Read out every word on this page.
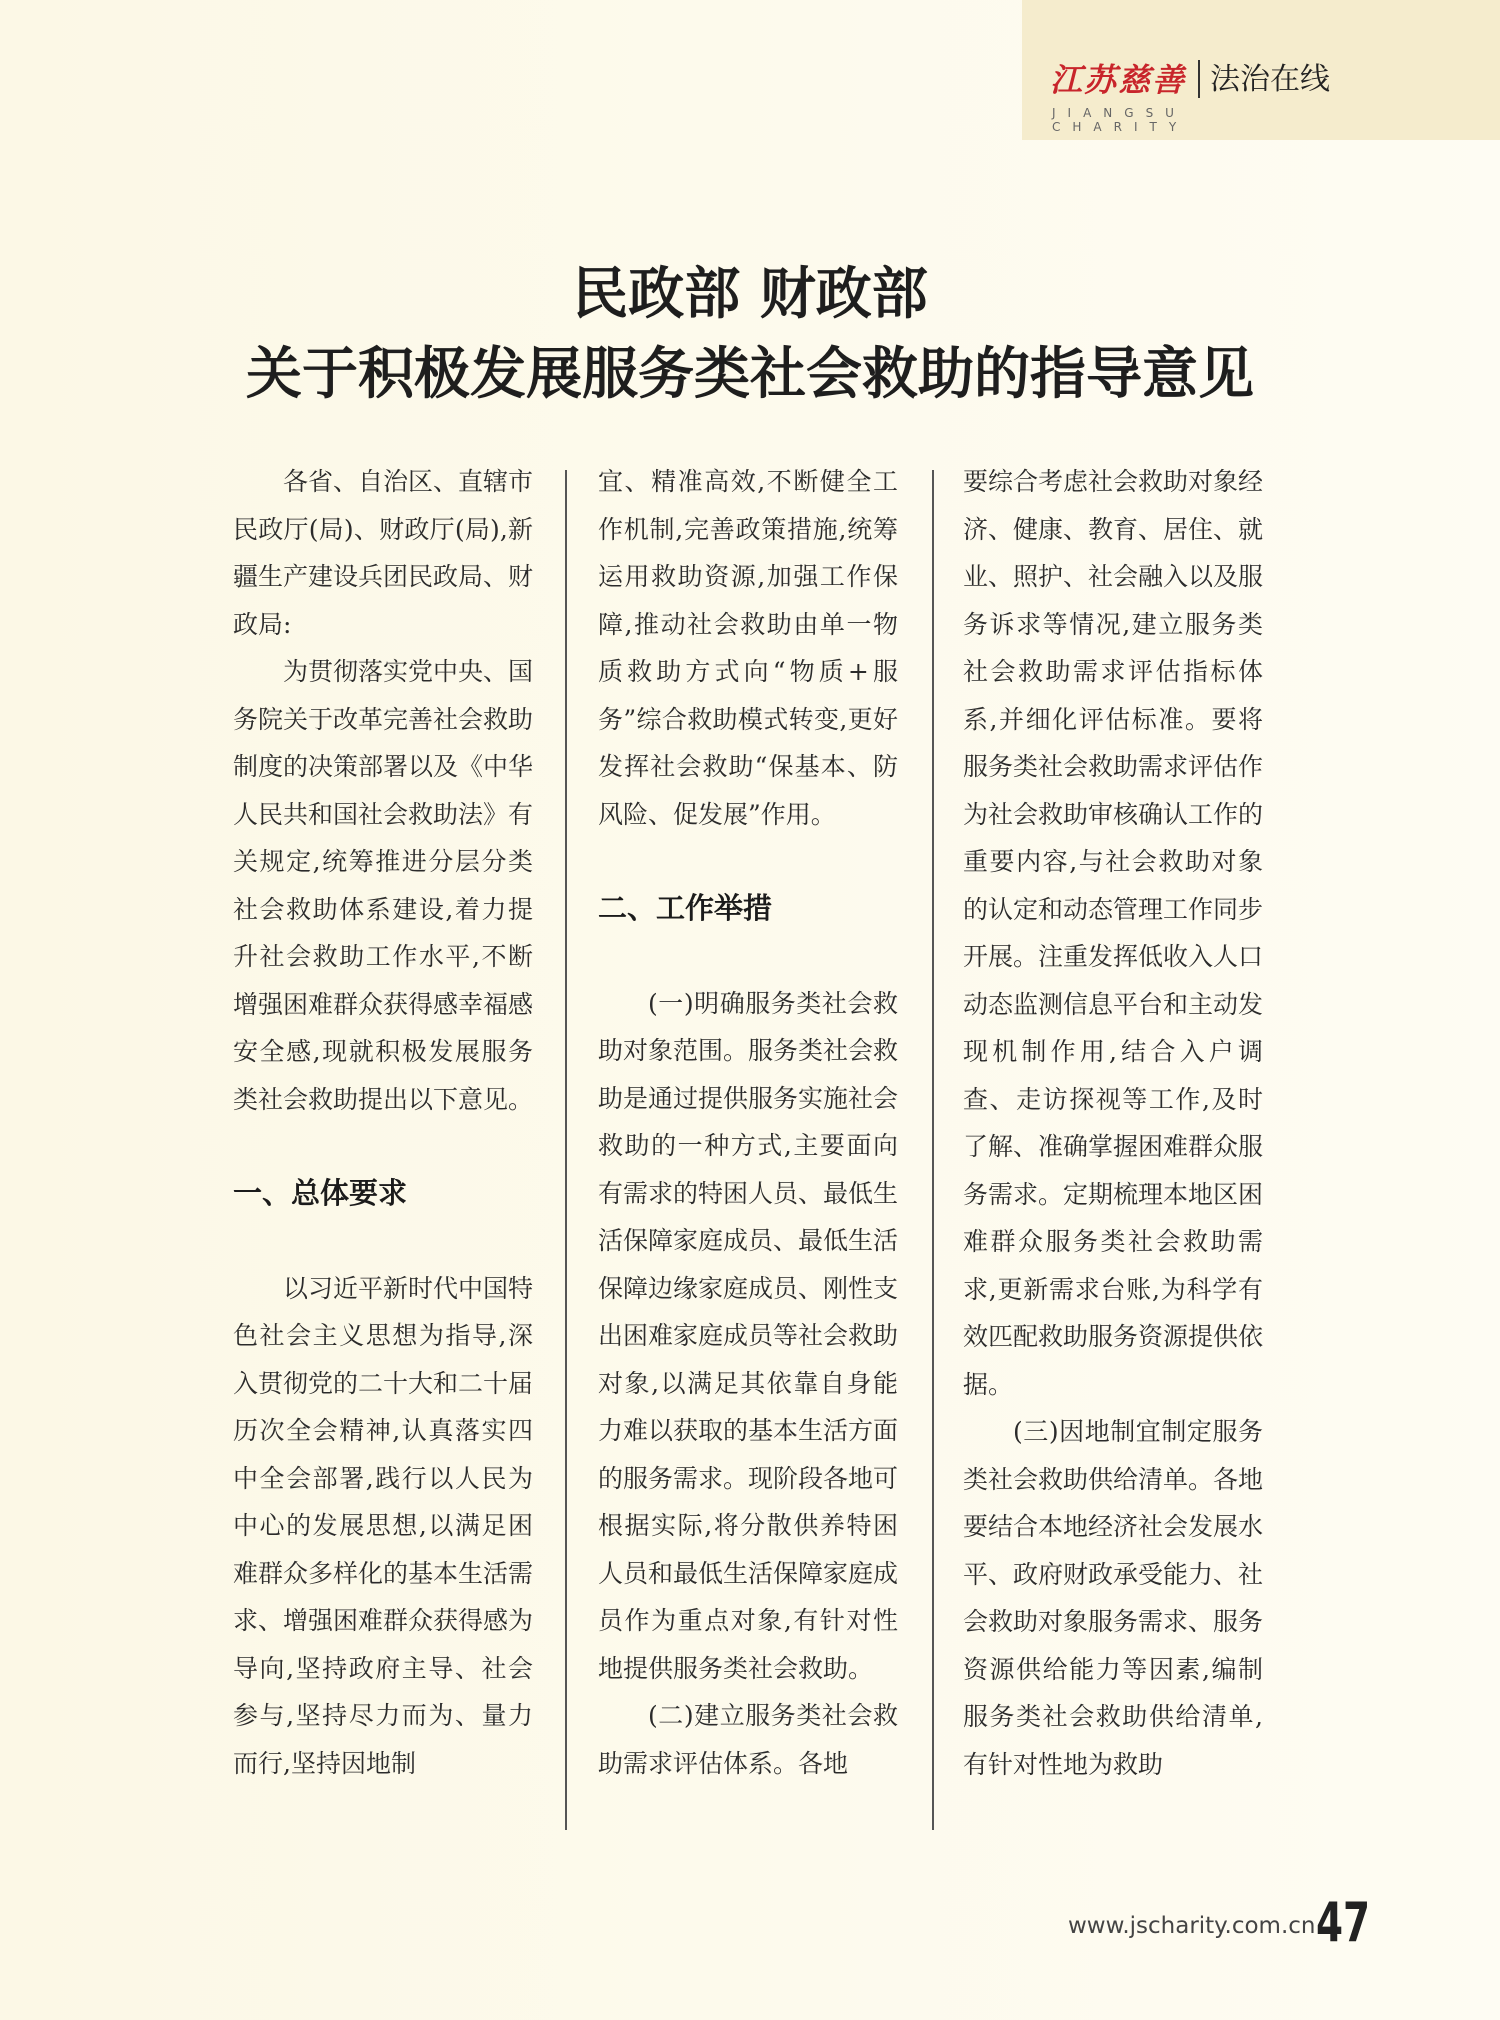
江苏慈善 法治在线
JIANGSU CHARITY
民政部 财政部
关于积极发展服务类社会救助的指导意见

各省、自治区、直辖市民政厅(局)、财政厅(局),新疆生产建设兵团民政局、财政局:

为贯彻落实党中央、国务院关于改革完善社会救助制度的决策部署以及《中华人民共和国社会救助法》有关规定,统筹推进分层分类社会救助体系建设,着力提升社会救助工作水平,不断增强困难群众获得感幸福感安全感,现就积极发展服务类社会救助提出以下意见。

一、总体要求

以习近平新时代中国特色社会主义思想为指导,深入贯彻党的二十大和二十届历次全会精神,认真落实四中全会部署,践行以人民为中心的发展思想,以满足困难群众多样化的基本生活需求、增强困难群众获得感为导向,坚持政府主导、社会参与,坚持尽力而为、量力而行,坚持因地制

宜、精准高效,不断健全工作机制,完善政策措施,统筹运用救助资源,加强工作保障,推动社会救助由单一物质救助方式向“物质+服务”综合救助模式转变,更好发挥社会救助“保基本、防风险、促发展”作用。

二、工作举措

(一)明确服务类社会救助对象范围。服务类社会救助是通过提供服务实施社会救助的一种方式,主要面向有需求的特困人员、最低生活保障家庭成员、最低生活保障边缘家庭成员、刚性支出困难家庭成员等社会救助对象,以满足其依靠自身能力难以获取的基本生活方面的服务需求。现阶段各地可根据实际,将分散供养特困人员和最低生活保障家庭成员作为重点对象,有针对性地提供服务类社会救助。

(二)建立服务类社会救助需求评估体系。各地

要综合考虑社会救助对象经济、健康、教育、居住、就业、照护、社会融入以及服务诉求等情况,建立服务类社会救助需求评估指标体系,并细化评估标准。要将服务类社会救助需求评估作为社会救助审核确认工作的重要内容,与社会救助对象的认定和动态管理工作同步开展。注重发挥低收入人口动态监测信息平台和主动发现机制作用,结合入户调查、走访探视等工作,及时了解、准确掌握困难群众服务需求。定期梳理本地区困难群众服务类社会救助需求,更新需求台账,为科学有效匹配救助服务资源提供依据。

(三)因地制宜制定服务类社会救助供给清单。各地要结合本地经济社会发展水平、政府财政承受能力、社会救助对象服务需求、服务资源供给能力等因素,编制服务类社会救助供给清单,有针对性地为救助

www.jscharity.com.cn 47
